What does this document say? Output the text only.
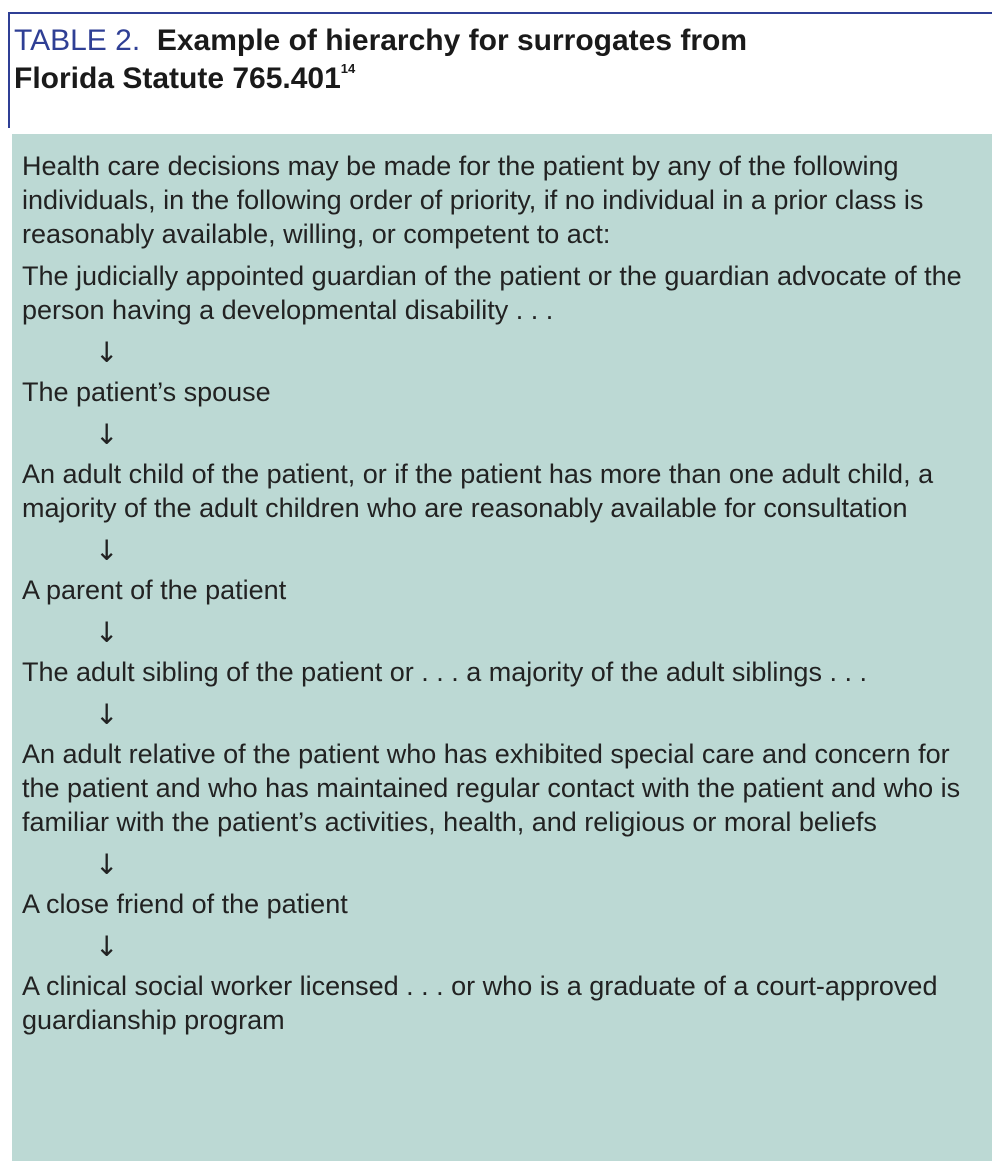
TABLE 2. Example of hierarchy for surrogates from
Florida Statute 765.401$^{14}$

Health care decisions may be made for the patient by any of the following individuals, in the following order of priority, if no individual in a prior class is reasonably available, willing, or competent to act:

The judicially appointed guardian of the patient or the guardian advocate of the person having a developmental disability . . .

↓

The patient’s spouse

↓

An adult child of the patient, or if the patient has more than one adult child, a majority of the adult children who are reasonably available for consultation

↓

A parent of the patient

↓

The adult sibling of the patient or . . . a majority of the adult siblings . . .

↓

An adult relative of the patient who has exhibited special care and concern for the patient and who has maintained regular contact with the patient and who is familiar with the patient’s activities, health, and religious or moral beliefs

↓

A close friend of the patient

↓

A clinical social worker licensed . . . or who is a graduate of a court-approved guardianship program
